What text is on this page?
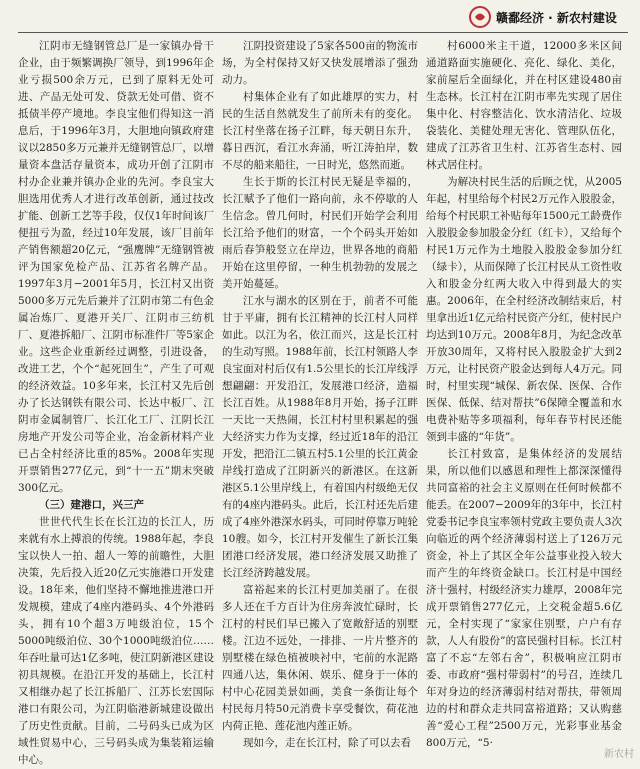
赣鄱经济 · 新农村建设

江阴市无缝钢管总厂是一家镇办骨干企业，由于频繁调换厂领导，到1996年企业亏损500余万元，已到了原料无处可进、产品无处可发、贷款无处可借、资不抵债半停产境地。李良宝他们得知这一消息后，于1996年3月，大胆地向镇政府建议以2850多万元兼并无缝钢管总厂，以增量资本盘活存量资本，成功开创了江阴市村办企业兼并镇办企业的先河。李良宝大胆选用优秀人才进行改革创新，通过技改扩能、创新工艺等手段，仅仅1年时间该厂便扭亏为盈，经过10年发展，该厂目前年产销售额超20亿元，“强鹰牌”无缝钢管被评为国家免检产品、江苏省名牌产品。1997年3月−2001年5月，长江村又出资5000多万元先后兼并了江阴市第二有色金属冶炼厂、夏港开关厂、江阴市三纺机厂、夏港拆船厂、江阴市标准件厂等5家企业。这些企业重新经过调整，引进设备，改进工艺，个个“起死回生”，产生了可观的经济效益。10多年来，长江村又先后创办了长达钢铁有限公司、长达中板厂、江阴市金属制管厂、长江化工厂、江阴长江房地产开发公司等企业，冶金新材料产业已占全村经济比重的85%。2008年实现开票销售277亿元，到“十一五”期末突破300亿元。

（三）建港口，兴三产

世世代代生长在长江边的长江人，历来就有水上搏浪的传统。1988年起，李良宝以快人一拍、超人一筹的前瞻性，大胆决策，先后投入近20亿元实施港口开发建设。18年来，他们坚持不懈地推进港口开发规模，建成了4座内港码头、4个外港码头，拥有10个超3万吨级泊位，15个5000吨级泊位、30个1000吨级泊位……年吞吐量可达1亿多吨，使江阴新港区建设初具规模。在沿江开发的基础上，长江村又相继办起了长江拆船厂、江苏长宏国际港口有限公司，为江阴临港新城建设做出了历史性贡献。目前，二号码头已成为区域性贸易中心，三号码头成为集装箱运输中心。

江阴投资建设了5家各500亩的物流市场，为全村保持又好又快发展增添了强劲动力。

村集体企业有了如此雄厚的实力，村民的生活自然就发生了前所未有的变化。长江村坐落在扬子江畔，每天朝日东升，暮日西沉，看江水奔涌，听江涛拍岸，数不尽的船来船往，一日时光，悠然而逝。

生长于斯的长江村民无疑是幸福的，长江赋予了他们一路向前，永不停歇的人生信念。曾几何时，村民们开始学会利用长江给予他们的财富，一个个码头开始如雨后春笋般竖立在岸边，世界各地的商船开始在这里停留，一种生机勃勃的发展之美开始蔓延。

江水与湖水的区别在于，前者不可能甘于平庸，拥有长江精神的长江村人同样如此。以江为名，依江而兴，这是长江村的生动写照。1988年前，长江村领路人李良宝面对村后仅有1.5公里长的长江岸线浮想翩翩：开发沿江，发展港口经济，造福长江百姓。从1988年8月开始，扬子江畔一天比一天热闹，长江村村里积累起的强大经济实力作为支撑，经过近18年的沿江开发，把沿江二镇五村5.1公里的长江黄金岸线打造成了江阴新兴的新港区。在这新港区5.1公里岸线上，有着国内村级绝无仅有的4座内港码头。此后，长江村还先后建成了4座外港深水码头，可同时停靠万吨轮10艘。如今，长江村开发催生了新长江集团港口经济发展，港口经济发展又助推了长江经济跨越发展。

富裕起来的长江村更加美丽了。在很多人还在千方百计为住房奔波忙碌时，长江村的村民们早已搬入了宽敞舒适的别墅楼。江边不远处，一排排、一片片整齐的别墅楼在绿色植被映衬中，宅前的水泥路四通八达，集休闲、娱乐、健身于一体的村中心花园美景如画，美食一条街让每个村民每月特50元消费卡享受餐饮，荷花池内荷正艳、莲花池内莲正娇。

现如今，走在长江村，除了可以去看

村6000米主干道，12000多米区间通道路面实施硬化、亮化、绿化、美化，家前屋后全面绿化，并在村区建设480亩生态林。长江村在江阴市率先实现了居住集中化、村容整洁化、饮水清洁化、垃圾袋装化、美健处理无害化、管理队伍化，建成了江苏省卫生村、江苏省生态村、园林式居住村。

为解决村民生活的后顾之忧，从2005年起，村里给每个村民2万元作入股股金，给每个村民职工补贴每年1500元工龄费作入股股金参加股金分红（红卡），又给每个村民1万元作为土地股入股股金参加分红（绿卡），从而保障了长江村民从工资性收入和股金分红两大收入中得到最大的实惠。2006年，在全村经济改制结束后，村里拿出近1亿元给村民资产分红，使村民户均达到10万元。2008年8月，为纪念改革开放30周年，又将村民入股股金扩大到2万元，让村民资产股金达到每人4万元。同时，村里实现“城保、新农保、医保、合作医保、低保、结对帮扶”6保障全覆盖和水电费补贴等多项福利，每年春节村民还能领到丰盛的“年货”。

长江村致富，是集体经济的发展结果，所以他们以感恩和理性上都深深懂得共同富裕的社会主义原则在任何时候都不能丢。在2007−2009年的3年中，长江村党委书记李良宝率领村党政主要负责人3次向临近的两个经济薄弱村送上了126万元资金，补上了其区全年公益事业投入较大而产生的年终资金缺口。长江村是中国经济十强村，村级经济实力雄厚，2008年完成开票销售277亿元，上交税金超5.6亿元，全村实现了“家家住别墅，户户有存款，人人有股份”的富民强村目标。长江村富了不忘“左邻右舍”，积极响应江阴市委、市政府“强村带弱村”的号召，连续几年对身边的经济薄弱村结对帮扶，带领周边的村和群众走共同富裕道路；又认购慈善“爱心工程”2500万元，光彩事业基金800万元，“5·

新农村
